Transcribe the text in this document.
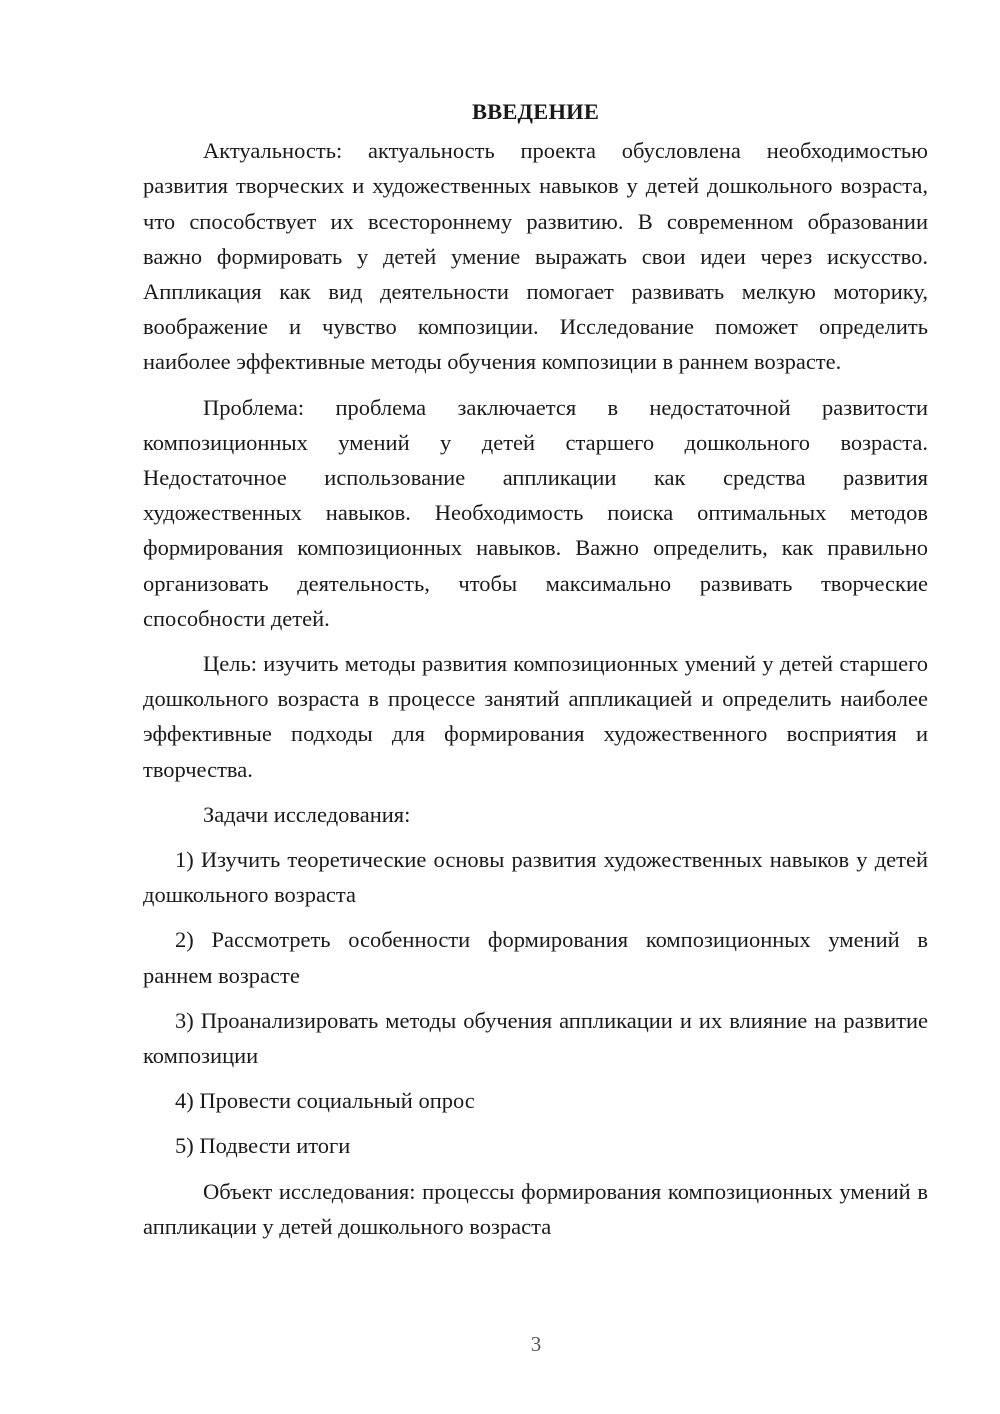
ВВЕДЕНИЕ

Актуальность: актуальность проекта обусловлена необходимостью развития творческих и художественных навыков у детей дошкольного возраста, что способствует их всестороннему развитию. В современном образовании важно формировать у детей умение выражать свои идеи через искусство. Аппликация как вид деятельности помогает развивать мелкую моторику, воображение и чувство композиции. Исследование поможет определить наиболее эффективные методы обучения композиции в раннем возрасте.

Проблема: проблема заключается в недостаточной развитости композиционных умений у детей старшего дошкольного возраста. Недостаточное использование аппликации как средства развития художественных навыков. Необходимость поиска оптимальных методов формирования композиционных навыков. Важно определить, как правильно организовать деятельность, чтобы максимально развивать творческие способности детей.

Цель: изучить методы развития композиционных умений у детей старшего дошкольного возраста в процессе занятий аппликацией и определить наиболее эффективные подходы для формирования художественного восприятия и творчества.

Задачи исследования:

1) Изучить теоретические основы развития художественных навыков у детей дошкольного возраста

2) Рассмотреть особенности формирования композиционных умений в раннем возрасте

3) Проанализировать методы обучения аппликации и их влияние на развитие композиции

4) Провести социальный опрос

5) Подвести итоги

Объект исследования: процессы формирования композиционных умений в аппликации у детей дошкольного возраста

3
